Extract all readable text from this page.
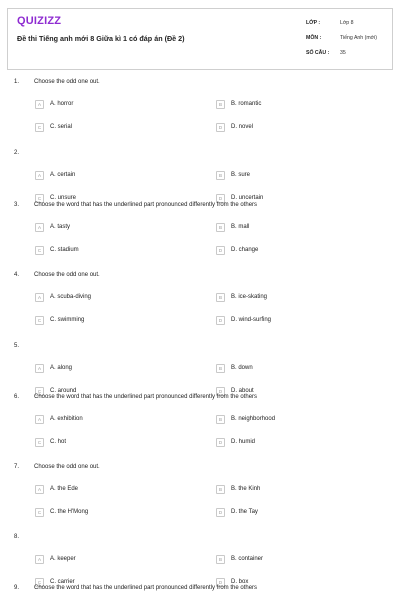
QUIZIZZ
Đề thi Tiếng anh mới 8 Giữa kì 1 có đáp án (Đề 2)
LỚP :	Lớp 8
MÔN :	Tiếng Anh (mới)
SỐ CÂU :	35
1. Choose the odd one out.
A	A. horror	B	B. romantic
C	C. serial	D	D. novel
2.
A	A. certain	B	B. sure
C	C. unsure	D	D. uncertain
3. Choose the word that has the underlined part pronounced differently from the others
A	A. tasty	B	B. mall
C	C. stadium	D	D. change
4. Choose the odd one out.
A	A. scuba-diving	B	B. ice-skating
C	C. swimming	D	D. wind-surfing
5.
A	A. along	B	B. down
C	C. around	D	D. about
6. Choose the word that has the underlined part pronounced differently from the others
A	A. exhibition	B	B. neighborhood
C	C. hot	D	D. humid
7. Choose the odd one out.
A	A. the Ede	B	B. the Kinh
C	C. the H'Mong	D	D. the Tay
8.
A	A. keeper	B	B. container
C	C. carrier	D	D. box
9. Choose the word that has the underlined part pronounced differently from the others
